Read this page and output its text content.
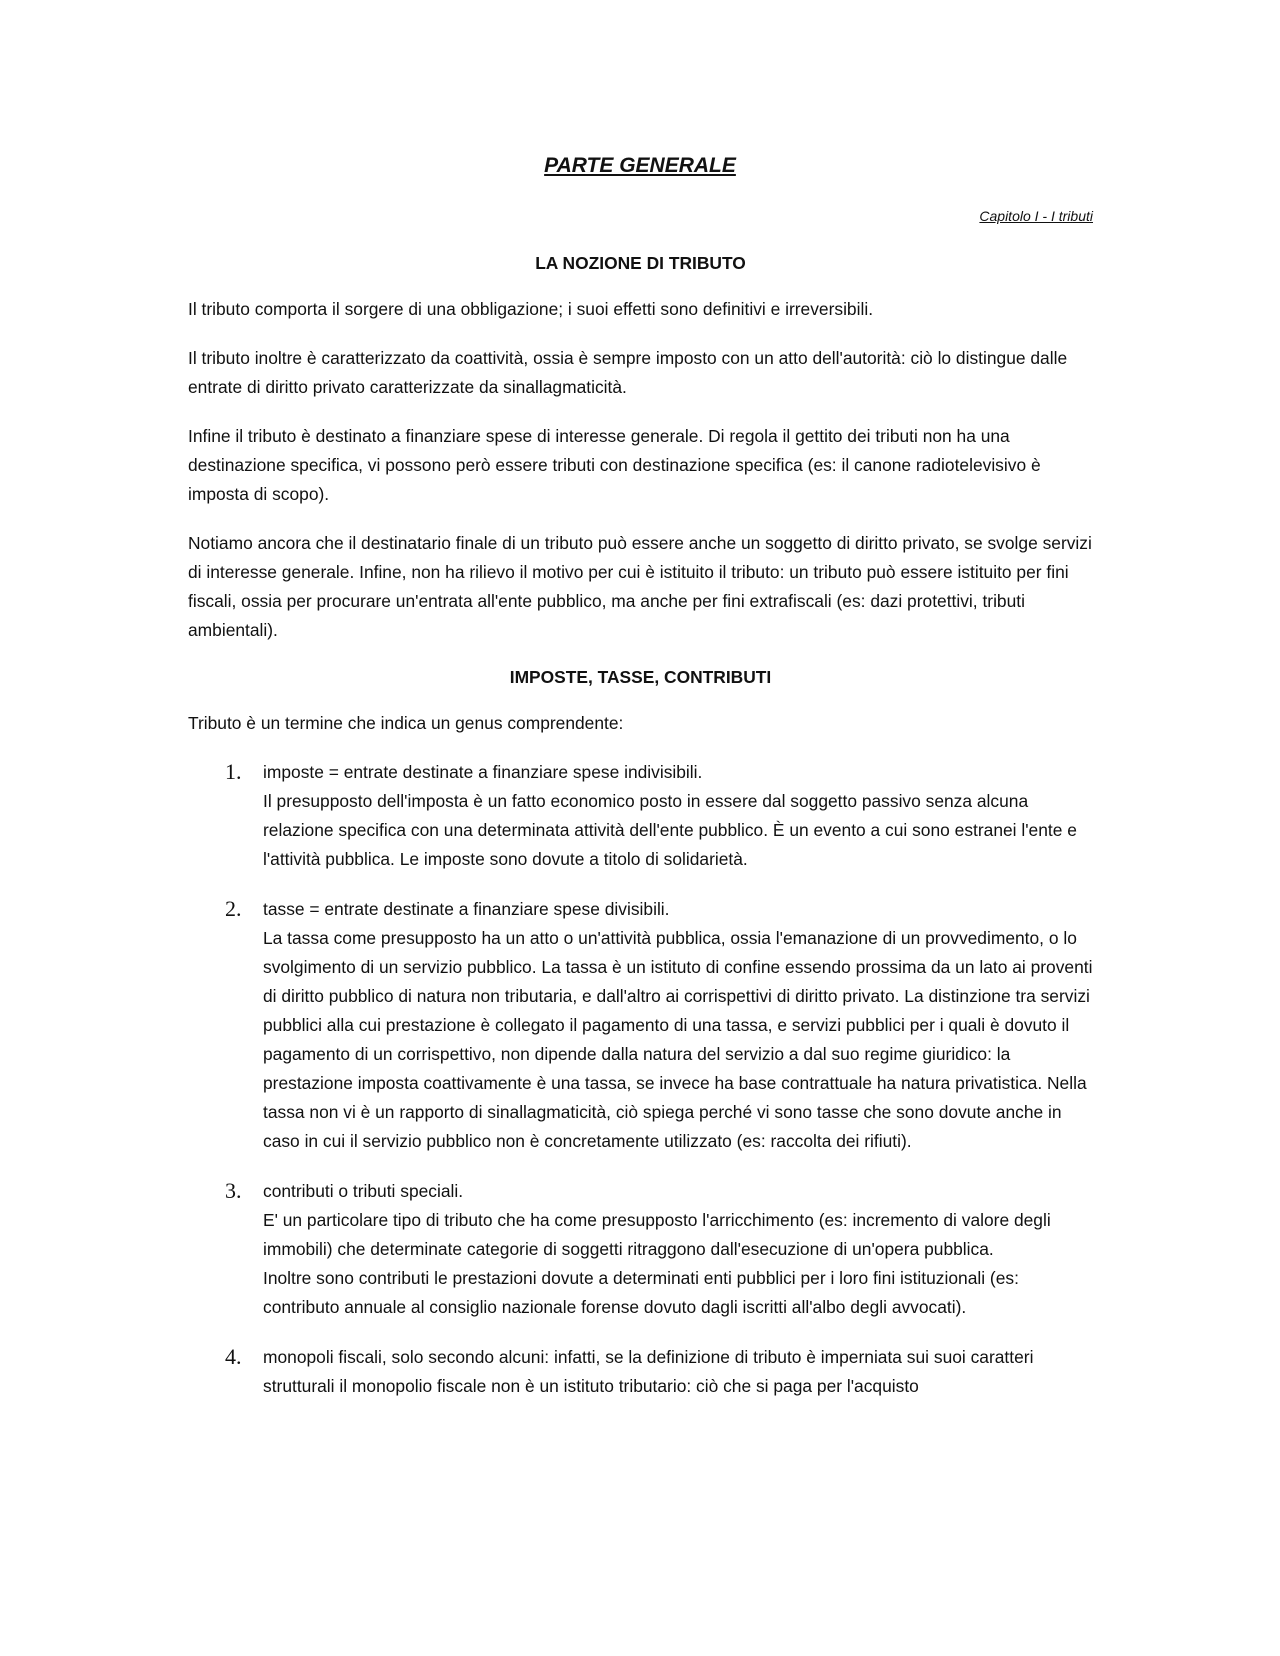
PARTE GENERALE
Capitolo I - I tributi
LA NOZIONE DI TRIBUTO

Il tributo comporta il sorgere di una obbligazione; i suoi effetti sono definitivi e irreversibili.

Il tributo inoltre è caratterizzato da coattività, ossia è sempre imposto con un atto dell'autorità: ciò lo distingue dalle entrate di diritto privato caratterizzate da sinallagmaticità.

Infine il tributo è destinato a finanziare spese di interesse generale. Di regola il gettito dei tributi non ha una destinazione specifica, vi possono però essere tributi con destinazione specifica (es: il canone radiotelevisivo è imposta di scopo).

Notiamo ancora che il destinatario finale di un tributo può essere anche un soggetto di diritto privato, se svolge servizi di interesse generale. Infine, non ha rilievo il motivo per cui è istituito il tributo: un tributo può essere istituito per fini fiscali, ossia per procurare un'entrata all'ente pubblico, ma anche per fini extrafiscali (es: dazi protettivi, tributi ambientali).

IMPOSTE, TASSE, CONTRIBUTI

Tributo è un termine che indica un genus comprendente:

1. imposte = entrate destinate a finanziare spese indivisibili.
Il presupposto dell'imposta è un fatto economico posto in essere dal soggetto passivo senza alcuna relazione specifica con una determinata attività dell'ente pubblico. È un evento a cui sono estranei l'ente e l'attività pubblica. Le imposte sono dovute a titolo di solidarietà.
2. tasse = entrate destinate a finanziare spese divisibili.
La tassa come presupposto ha un atto o un'attività pubblica, ossia l'emanazione di un provvedimento, o lo svolgimento di un servizio pubblico. La tassa è un istituto di confine essendo prossima da un lato ai proventi di diritto pubblico di natura non tributaria, e dall'altro ai corrispettivi di diritto privato. La distinzione tra servizi pubblici alla cui prestazione è collegato il pagamento di una tassa, e servizi pubblici per i quali è dovuto il pagamento di un corrispettivo, non dipende dalla natura del servizio a dal suo regime giuridico: la prestazione imposta coattivamente è una tassa, se invece ha base contrattuale ha natura privatistica. Nella tassa non vi è un rapporto di sinallagmaticità, ciò spiega perché vi sono tasse che sono dovute anche in caso in cui il servizio pubblico non è concretamente utilizzato (es: raccolta dei rifiuti).
3. contributi o tributi speciali.
E' un particolare tipo di tributo che ha come presupposto l'arricchimento (es: incremento di valore degli immobili) che determinate categorie di soggetti ritraggono dall'esecuzione di un'opera pubblica.
Inoltre sono contributi le prestazioni dovute a determinati enti pubblici per i loro fini istituzionali (es: contributo annuale al consiglio nazionale forense dovuto dagli iscritti all'albo degli avvocati).
4. monopoli fiscali, solo secondo alcuni: infatti, se la definizione di tributo è imperniata sui suoi caratteri strutturali il monopolio fiscale non è un istituto tributario: ciò che si paga per l'acquisto
